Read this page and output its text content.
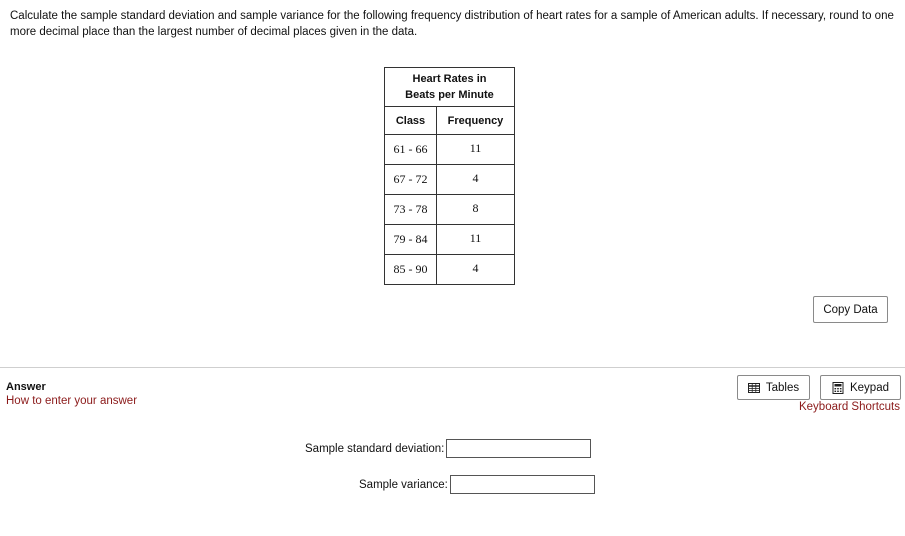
Calculate the sample standard deviation and sample variance for the following frequency distribution of heart rates for a sample of American adults. If necessary, round to one more decimal place than the largest number of decimal places given in the data.
Heart Rates in
Beats per Minute	
Class	Frequency
61 - 66	11
67 - 72	4
73 - 78	8
79 - 84	11
85 - 90	4
Copy Data
Answer
How to enter your answer
Tables	Keypad
Keyboard Shortcuts
Sample standard deviation:
Sample variance:
